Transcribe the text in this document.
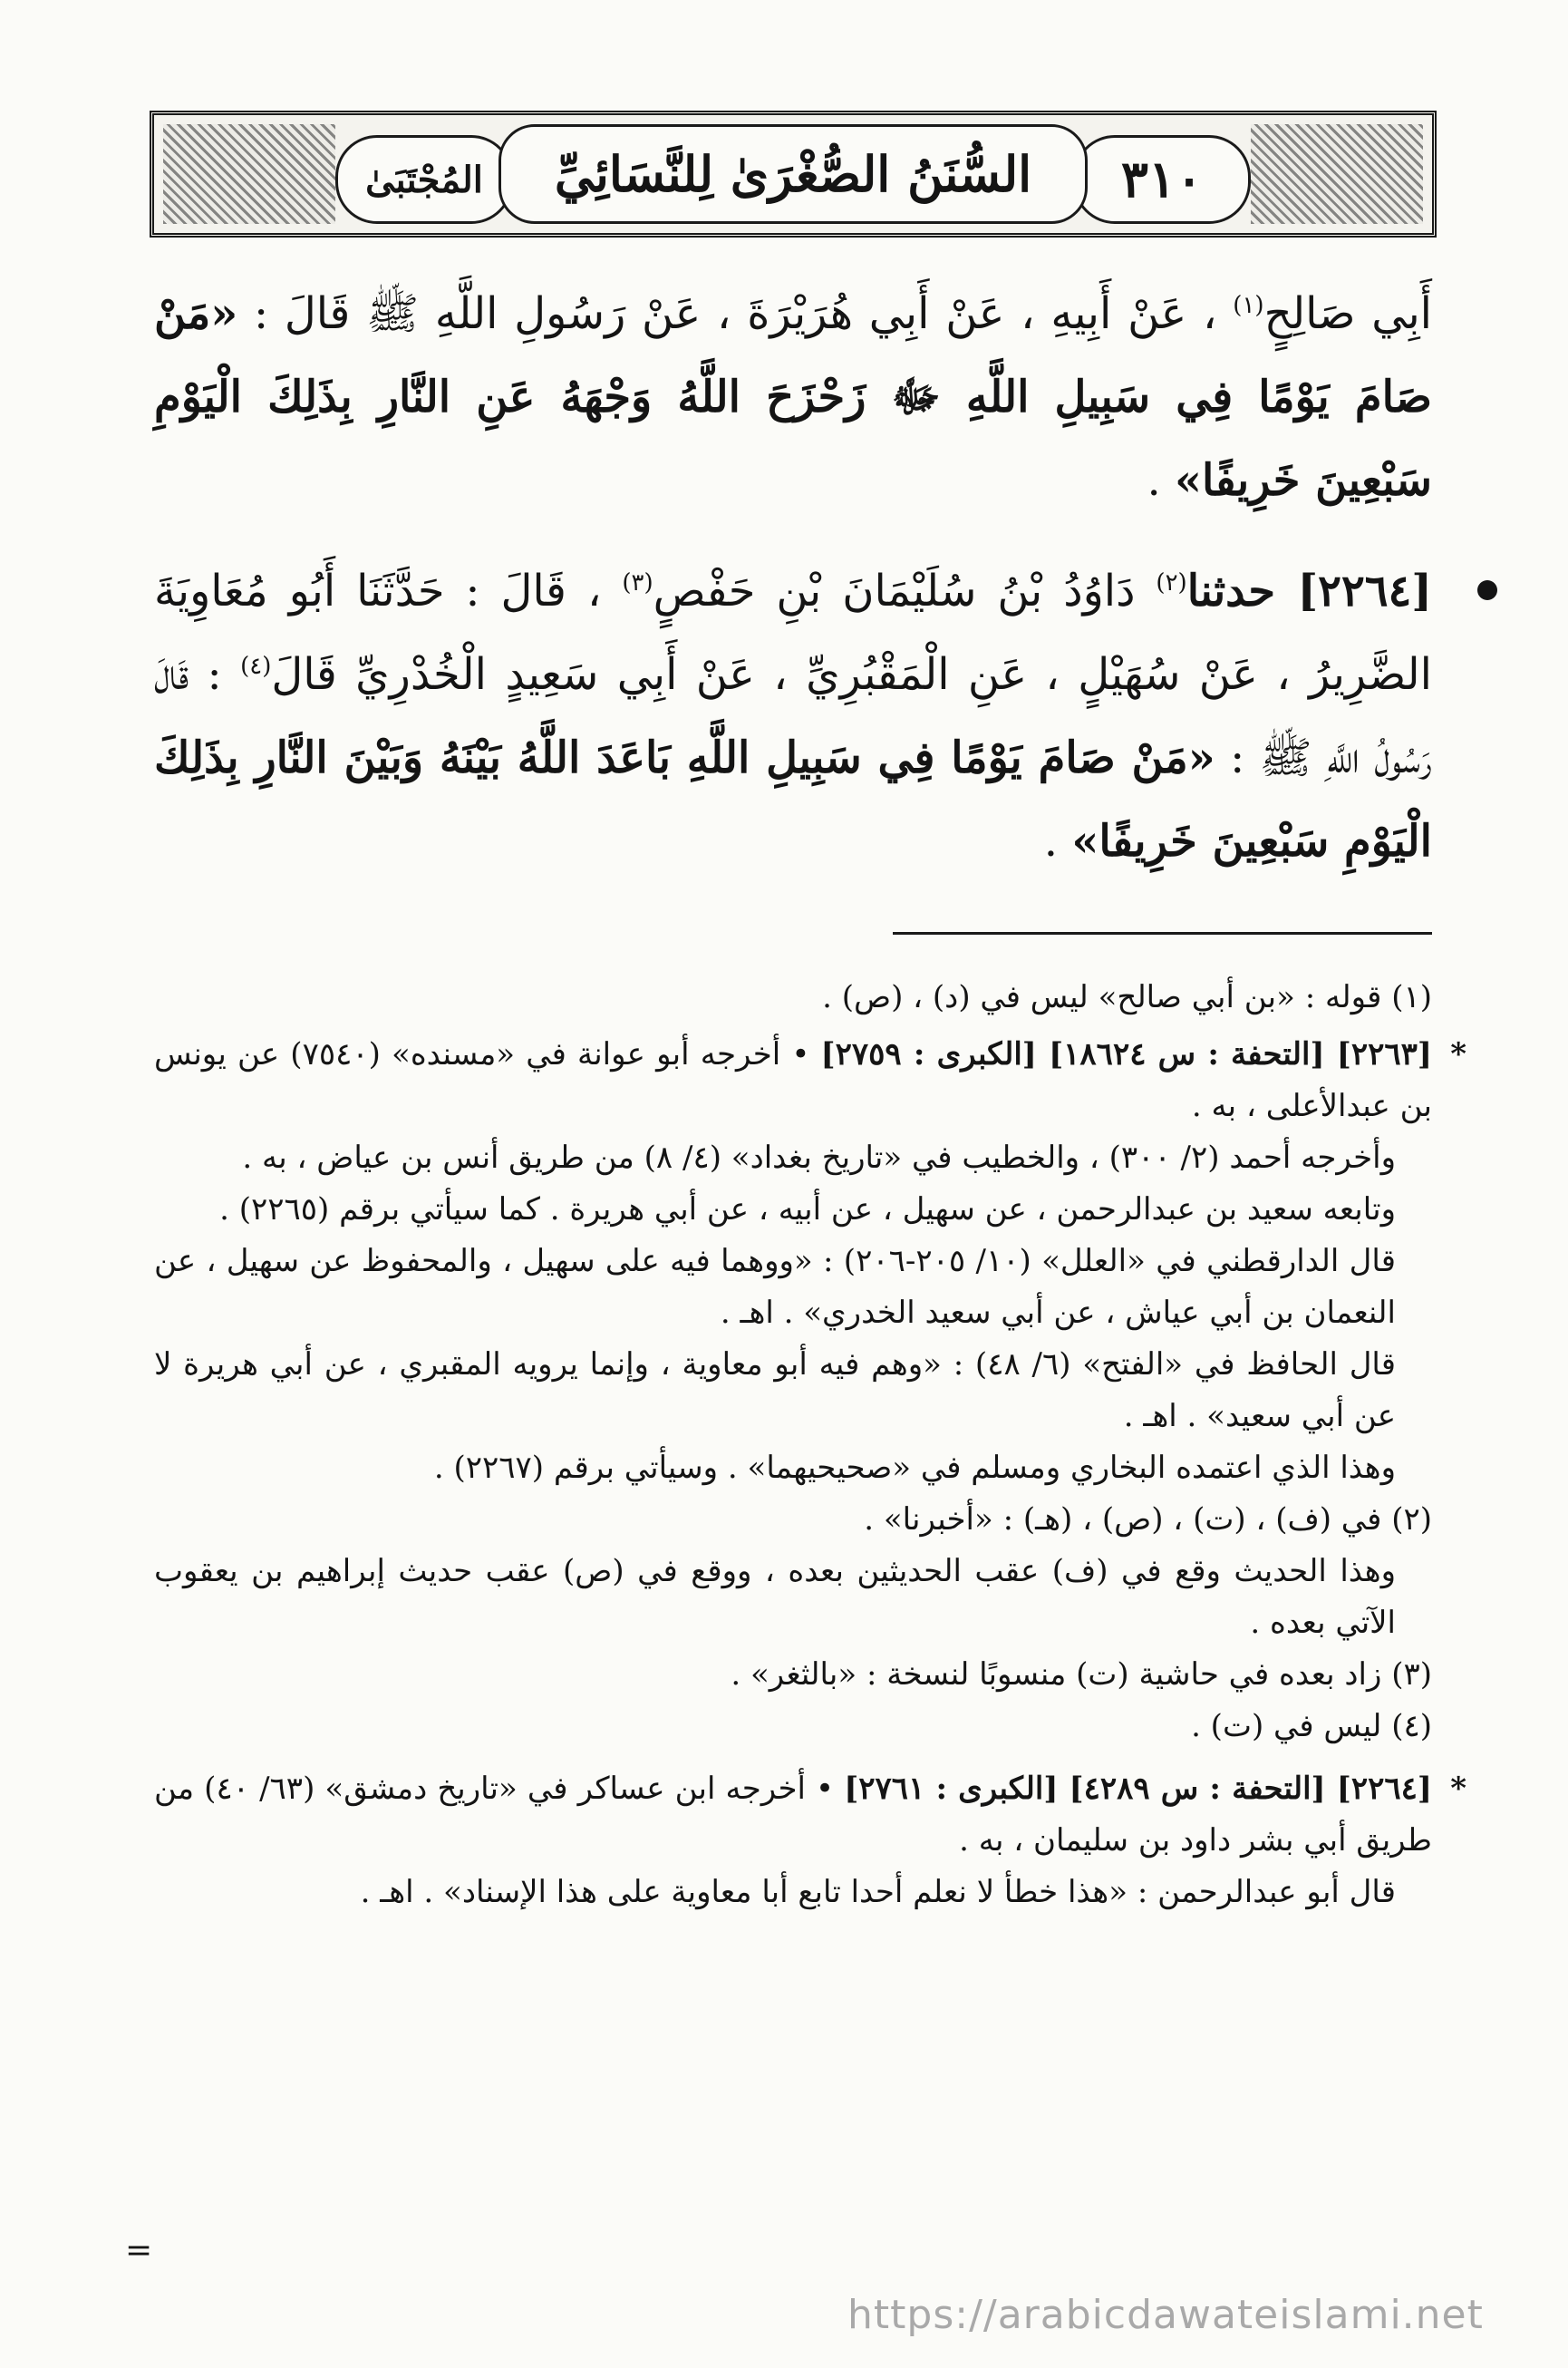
٣١٠
المُجْتَبَىٰ	السُّنَنُ الصُّغْرَىٰ لِلنَّسَائِيِّ

أَبِي صَالِحٍ$^{(١)}$ ، عَنْ أَبِيهِ ، عَنْ أَبِي هُرَيْرَةَ ، عَنْ رَسُولِ اللَّهِ ﷺ قَالَ : «مَنْ صَامَ يَوْمًا فِي سَبِيلِ اللَّهِ ﷻ زَحْزَحَ اللَّهُ وَجْهَهُ عَنِ النَّارِ بِذَلِكَ الْيَوْمِ سَبْعِينَ خَرِيفًا» .

[٢٢٦٤] حدثنا$^{(٢)}$ دَاوُدُ بْنُ سُلَيْمَانَ بْنِ حَفْصٍ$^{(٣)}$ ، قَالَ : حَدَّثَنَا أَبُو مُعَاوِيَةَ الضَّرِيرُ ، عَنْ سُهَيْلٍ ، عَنِ الْمَقْبُرِيِّ ، عَنْ أَبِي سَعِيدٍ الْخُدْرِيِّ قَالَ$^{(٤)}$ : قَالَ رَسُولُ اللَّهِ ﷺ : «مَنْ صَامَ يَوْمًا فِي سَبِيلِ اللَّهِ بَاعَدَ اللَّهُ بَيْنَهُ وَبَيْنَ النَّارِ بِذَلِكَ الْيَوْمِ سَبْعِينَ خَرِيفًا» .

(١) قوله : «بن أبي صالح» ليس في (د) ، (ص) .

* [٢٢٦٣] [التحفة : س ١٨٦٢٤] [الكبرى : ٢٧٥٩] • أخرجه أبو عوانة في «مسنده» (٧٥٤٠) عن يونس بن عبدالأعلى ، به .

وأخرجه أحمد (٢/ ٣٠٠) ، والخطيب في «تاريخ بغداد» (٤/ ٨) من طريق أنس بن عياض ، به .

وتابعه سعيد بن عبدالرحمن ، عن سهيل ، عن أبيه ، عن أبي هريرة . كما سيأتي برقم (٢٢٦٥) .

قال الدارقطني في «العلل» (١٠/ ٢٠٥-٢٠٦) : «ووهما فيه على سهيل ، والمحفوظ عن سهيل ، عن النعمان بن أبي عياش ، عن أبي سعيد الخدري» . اهـ .

قال الحافظ في «الفتح» (٦/ ٤٨) : «وهم فيه أبو معاوية ، وإنما يرويه المقبري ، عن أبي هريرة لا عن أبي سعيد» . اهـ .

وهذا الذي اعتمده البخاري ومسلم في «صحيحيهما» . وسيأتي برقم (٢٢٦٧) .

(٢) في (ف) ، (ت) ، (ص) ، (هـ) : «أخبرنا» .

وهذا الحديث وقع في (ف) عقب الحديثين بعده ، ووقع في (ص) عقب حديث إبراهيم بن يعقوب الآتي بعده .

(٣) زاد بعده في حاشية (ت) منسوبًا لنسخة : «بالثغر» .

(٤) ليس في (ت) .

* [٢٢٦٤] [التحفة : س ٤٢٨٩] [الكبرى : ٢٧٦١] • أخرجه ابن عساكر في «تاريخ دمشق» (٦٣/ ٤٠) من طريق أبي بشر داود بن سليمان ، به .

قال أبو عبدالرحمن : «هذا خطأ لا نعلم أحدا تابع أبا معاوية على هذا الإسناد» . اهـ .

=
https://arabicdawateislami.net
